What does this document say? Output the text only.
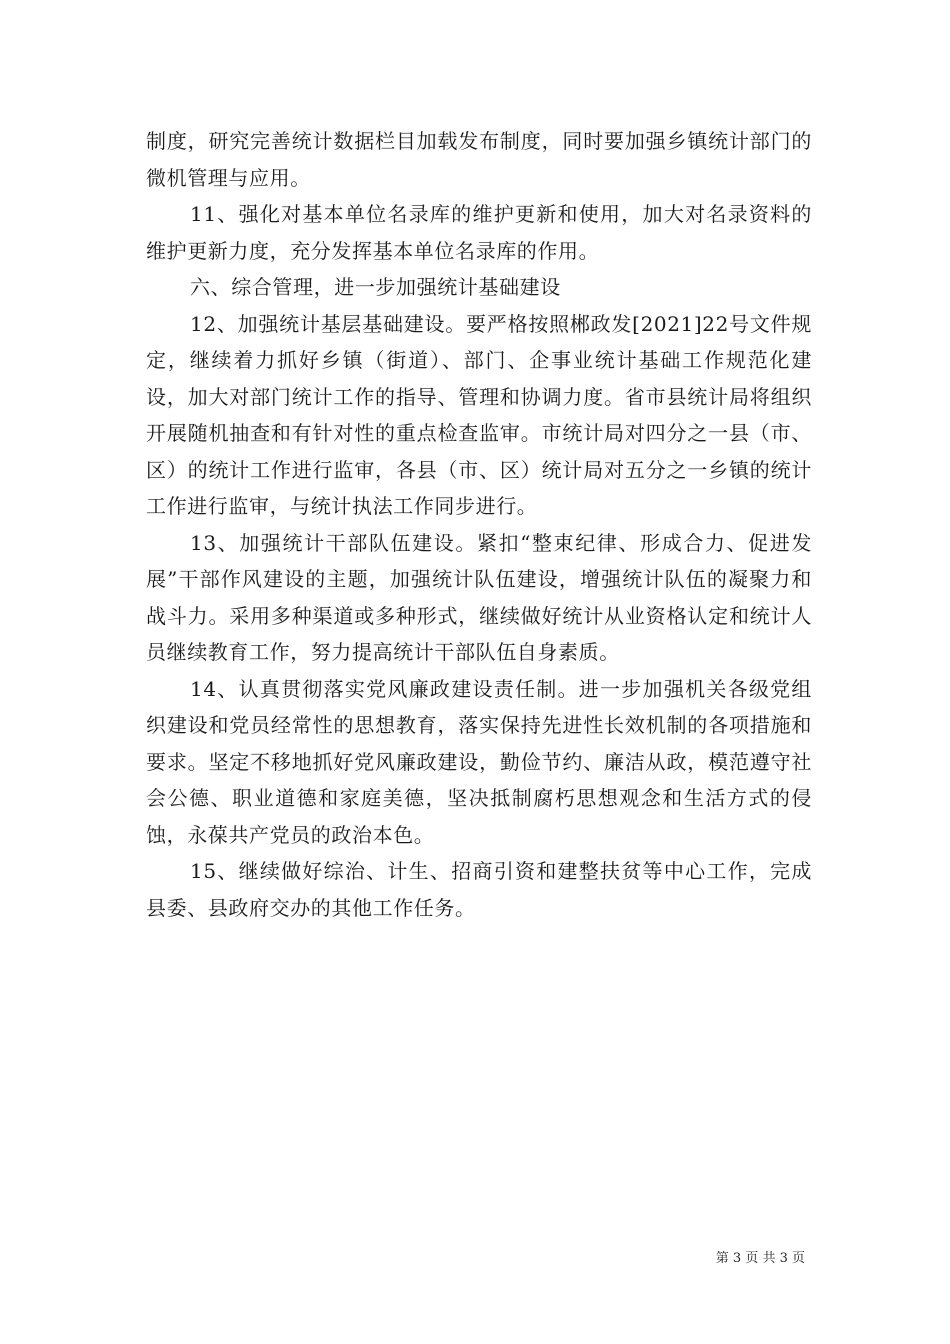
制度，研究完善统计数据栏目加载发布制度，同时要加强乡镇统计部门的微机管理与应用。

11、强化对基本单位名录库的维护更新和使用，加大对名录资料的维护更新力度，充分发挥基本单位名录库的作用。

六、综合管理，进一步加强统计基础建设

12、加强统计基层基础建设。要严格按照郴政发[2021]22号文件规定，继续着力抓好乡镇（街道）、部门、企事业统计基础工作规范化建设，加大对部门统计工作的指导、管理和协调力度。省市县统计局将组织开展随机抽查和有针对性的重点检查监审。市统计局对四分之一县（市、区）的统计工作进行监审，各县（市、区）统计局对五分之一乡镇的统计工作进行监审，与统计执法工作同步进行。

13、加强统计干部队伍建设。紧扣“整束纪律、形成合力、促进发展”干部作风建设的主题，加强统计队伍建设，增强统计队伍的凝聚力和战斗力。采用多种渠道或多种形式，继续做好统计从业资格认定和统计人员继续教育工作，努力提高统计干部队伍自身素质。

14、认真贯彻落实党风廉政建设责任制。进一步加强机关各级党组织建设和党员经常性的思想教育，落实保持先进性长效机制的各项措施和要求。坚定不移地抓好党风廉政建设，勤俭节约、廉洁从政，模范遵守社会公德、职业道德和家庭美德，坚决抵制腐朽思想观念和生活方式的侵蚀，永葆共产党员的政治本色。

15、继续做好综治、计生、招商引资和建整扶贫等中心工作，完成县委、县政府交办的其他工作任务。

第 3 页 共 3 页
